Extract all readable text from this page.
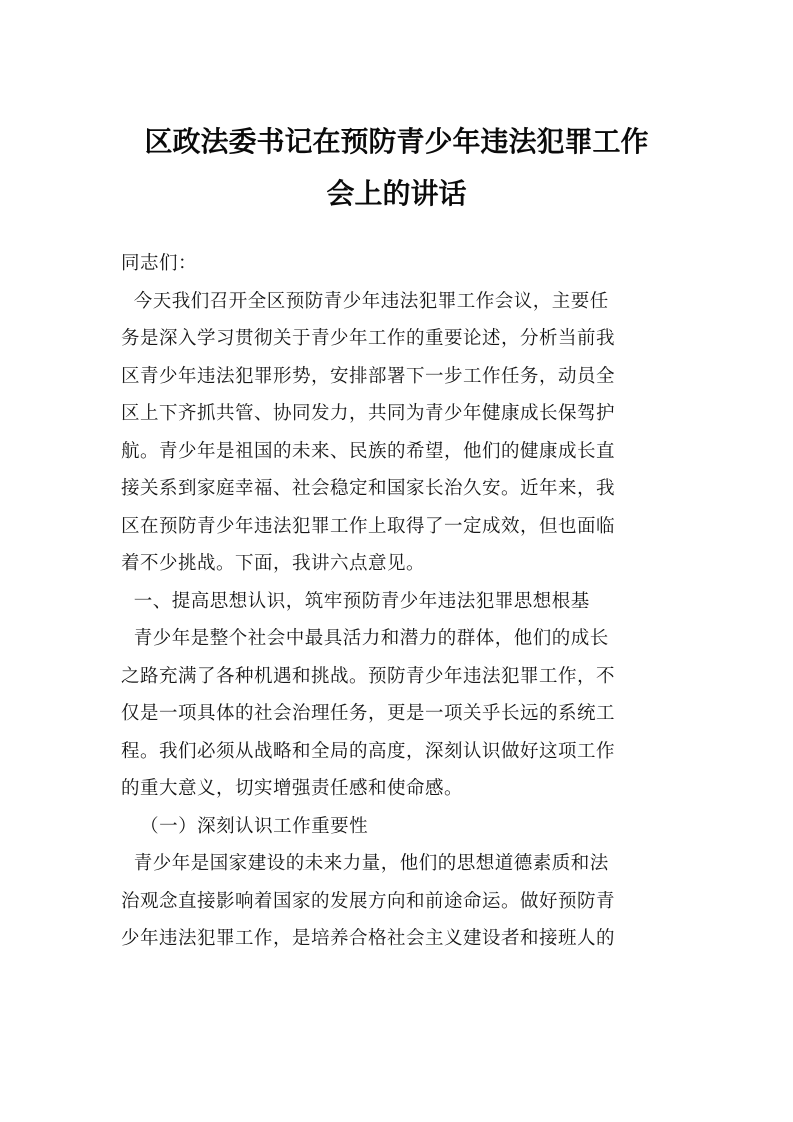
区政法委书记在预防青少年违法犯罪工作
会上的讲话
同志们：
今天我们召开全区预防青少年违法犯罪工作会议，主要任
务是深入学习贯彻关于青少年工作的重要论述，分析当前我
区青少年违法犯罪形势，安排部署下一步工作任务，动员全
区上下齐抓共管、协同发力，共同为青少年健康成长保驾护
航。青少年是祖国的未来、民族的希望，他们的健康成长直
接关系到家庭幸福、社会稳定和国家长治久安。近年来，我
区在预防青少年违法犯罪工作上取得了一定成效，但也面临
着不少挑战。下面，我讲六点意见。
一、提高思想认识，筑牢预防青少年违法犯罪思想根基
青少年是整个社会中最具活力和潜力的群体，他们的成长
之路充满了各种机遇和挑战。预防青少年违法犯罪工作，不
仅是一项具体的社会治理任务，更是一项关乎长远的系统工
程。我们必须从战略和全局的高度，深刻认识做好这项工作
的重大意义，切实增强责任感和使命感。
（一）深刻认识工作重要性
青少年是国家建设的未来力量，他们的思想道德素质和法
治观念直接影响着国家的发展方向和前途命运。做好预防青
少年违法犯罪工作，是培养合格社会主义建设者和接班人的
